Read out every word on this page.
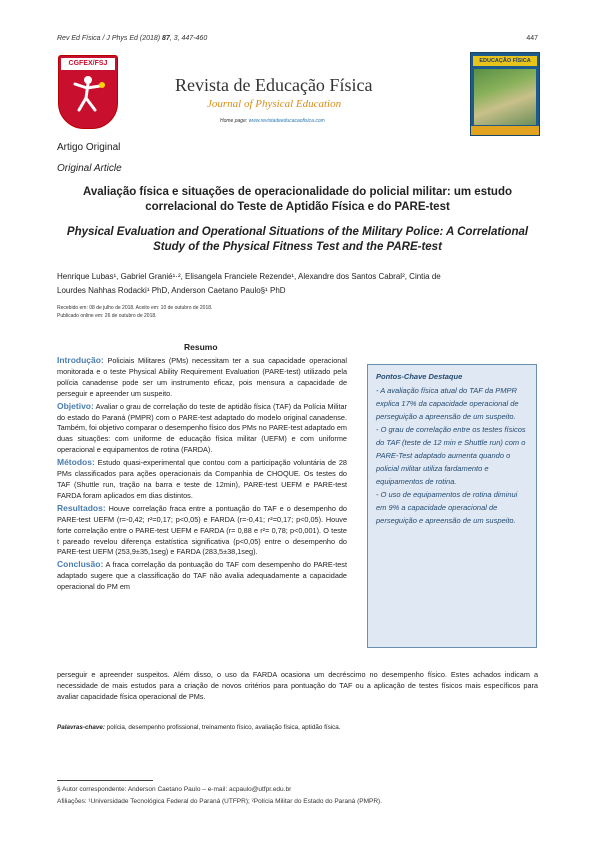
Rev Ed Física / J Phys Ed (2018) 87, 3, 447-460	447
CGFEX/FSJ
Revista de Educação Física
Journal of Physical Education
Home page: www.revistadeeducacaofisica.com
EDUCAÇÃO FÍSICA
Artigo Original
Original Article
Avaliação física e situações de operacionalidade do policial militar: um estudo correlacional do Teste de Aptidão Física e do PARE-test
Physical Evaluation and Operational Situations of the Military Police: A Correlational Study of the Physical Fitness Test and the PARE-test
Henrique Lubas¹, Gabriel Granié¹·², Elisangela Franciele Rezende¹, Alexandre dos Santos Cabral², Cintia de
Lourdes Nahhas Rodacki¹ PhD, Anderson Caetano Paulo§¹ PhD
Recebido em: 08 de julho de 2018. Aceito em: 10 de outubro de 2018.
Publicado online em: 26 de outubro de 2018.
Resumo

Introdução: Policiais Militares (PMs) necessitam ter a sua capacidade operacional monitorada e o teste Physical Ability Requirement Evaluation (PARE-test) utilizado pela polícia canadense pode ser um instrumento eficaz, pois mensura a capacidade de perseguir e apreender um suspeito.

Objetivo: Avaliar o grau de correlação do teste de aptidão física (TAF) da Polícia Militar do estado do Paraná (PMPR) com o PARE-test adaptado do modelo original canadense. Também, foi objetivo comparar o desempenho físico dos PMs no PARE-test adaptado em duas situações: com uniforme de educação física militar (UEFM) e com uniforme operacional e equipamentos de rotina (FARDA).

Métodos: Estudo quasi-experimental que contou com a participação voluntária de 28 PMs classificados para ações operacionais da Companhia de CHOQUE. Os testes do TAF (Shuttle run, tração na barra e teste de 12min), PARE-test UEFM e PARE-test FARDA foram aplicados em dias distintos.

Resultados: Houve correlação fraca entre a pontuação do TAF e o desempenho do PARE-test UEFM (r=-0,42; r²=0,17; p<0,05) e FARDA (r=-0,41; r²=0,17; p<0,05). Houve forte correlação entre o PARE-test UEFM e FARDA (r= 0,88 e r²= 0,78; p<0,001). O teste t pareado revelou diferença estatística significativa (p<0,05) entre o desempenho do PARE-test UEFM (253,9±35,1seg) e FARDA (283,5±38,1seg).

Conclusão: A fraca correlação da pontuação do TAF com desempenho do PARE-test adaptado sugere que a classificação do TAF não avalia adequadamente a capacidade operacional do PM em

perseguir e apreender suspeitos. Além disso, o uso da FARDA ocasiona um decréscimo no desempenho físico. Estes achados indicam a necessidade de mais estudos para a criação de novos critérios para pontuação do TAF ou a aplicação de testes físicos mais específicos para avaliar capacidade física operacional de PMs.
Pontos-Chave Destaque
- A avaliação física atual do TAF da PMPR explica 17% da capacidade operacional de perseguição a apreensão de um suspeito.
- O grau de correlação entre os testes físicos do TAF (teste de 12 min e Shuttle run) com o PARE-Test adaptado aumenta quando o policial militar utiliza fardamento e equipamentos de rotina.
- O uso de equipamentos de rotina diminui em 9% a capacidade operacional de perseguição e apreensão de um suspeito.
Palavras-chave: polícia, desempenho profissional, treinamento físico, avaliação física, aptidão física.
§ Autor correspondente: Anderson Caetano Paulo – e-mail: acpaulo@utfpr.edu.br
Afiliações: ¹Universidade Tecnológica Federal do Paraná (UTFPR); ²Polícia Militar do Estado do Paraná (PMPR).
